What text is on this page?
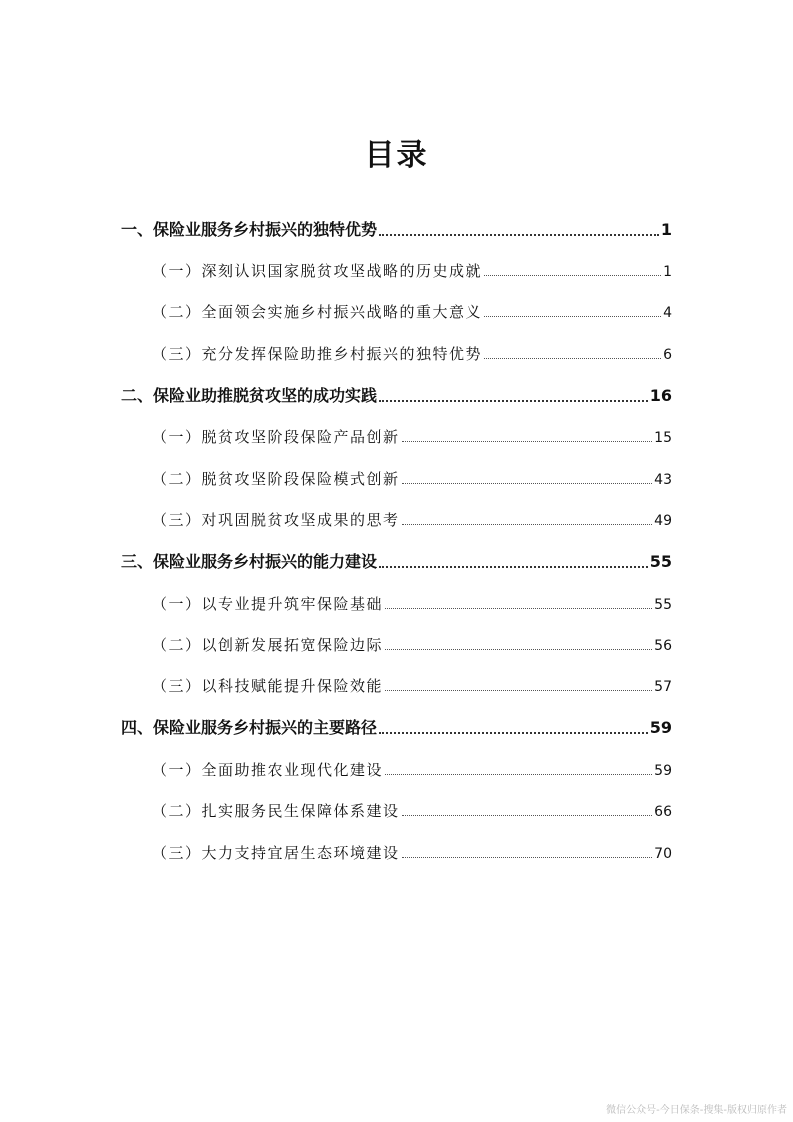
目录
一、保险业服务乡村振兴的独特优势	1
（一）深刻认识国家脱贫攻坚战略的历史成就	1
（二）全面领会实施乡村振兴战略的重大意义	4
（三）充分发挥保险助推乡村振兴的独特优势	6
二、保险业助推脱贫攻坚的成功实践	16
（一）脱贫攻坚阶段保险产品创新	15
（二）脱贫攻坚阶段保险模式创新	43
（三）对巩固脱贫攻坚成果的思考	49
三、保险业服务乡村振兴的能力建设	55
（一）以专业提升筑牢保险基础	55
（二）以创新发展拓宽保险边际	56
（三）以科技赋能提升保险效能	57
四、保险业服务乡村振兴的主要路径	59
（一）全面助推农业现代化建设	59
（二）扎实服务民生保障体系建设	66
（三）大力支持宜居生态环境建设	70
微信公众号-今日保条-搜集-版权归原作者
